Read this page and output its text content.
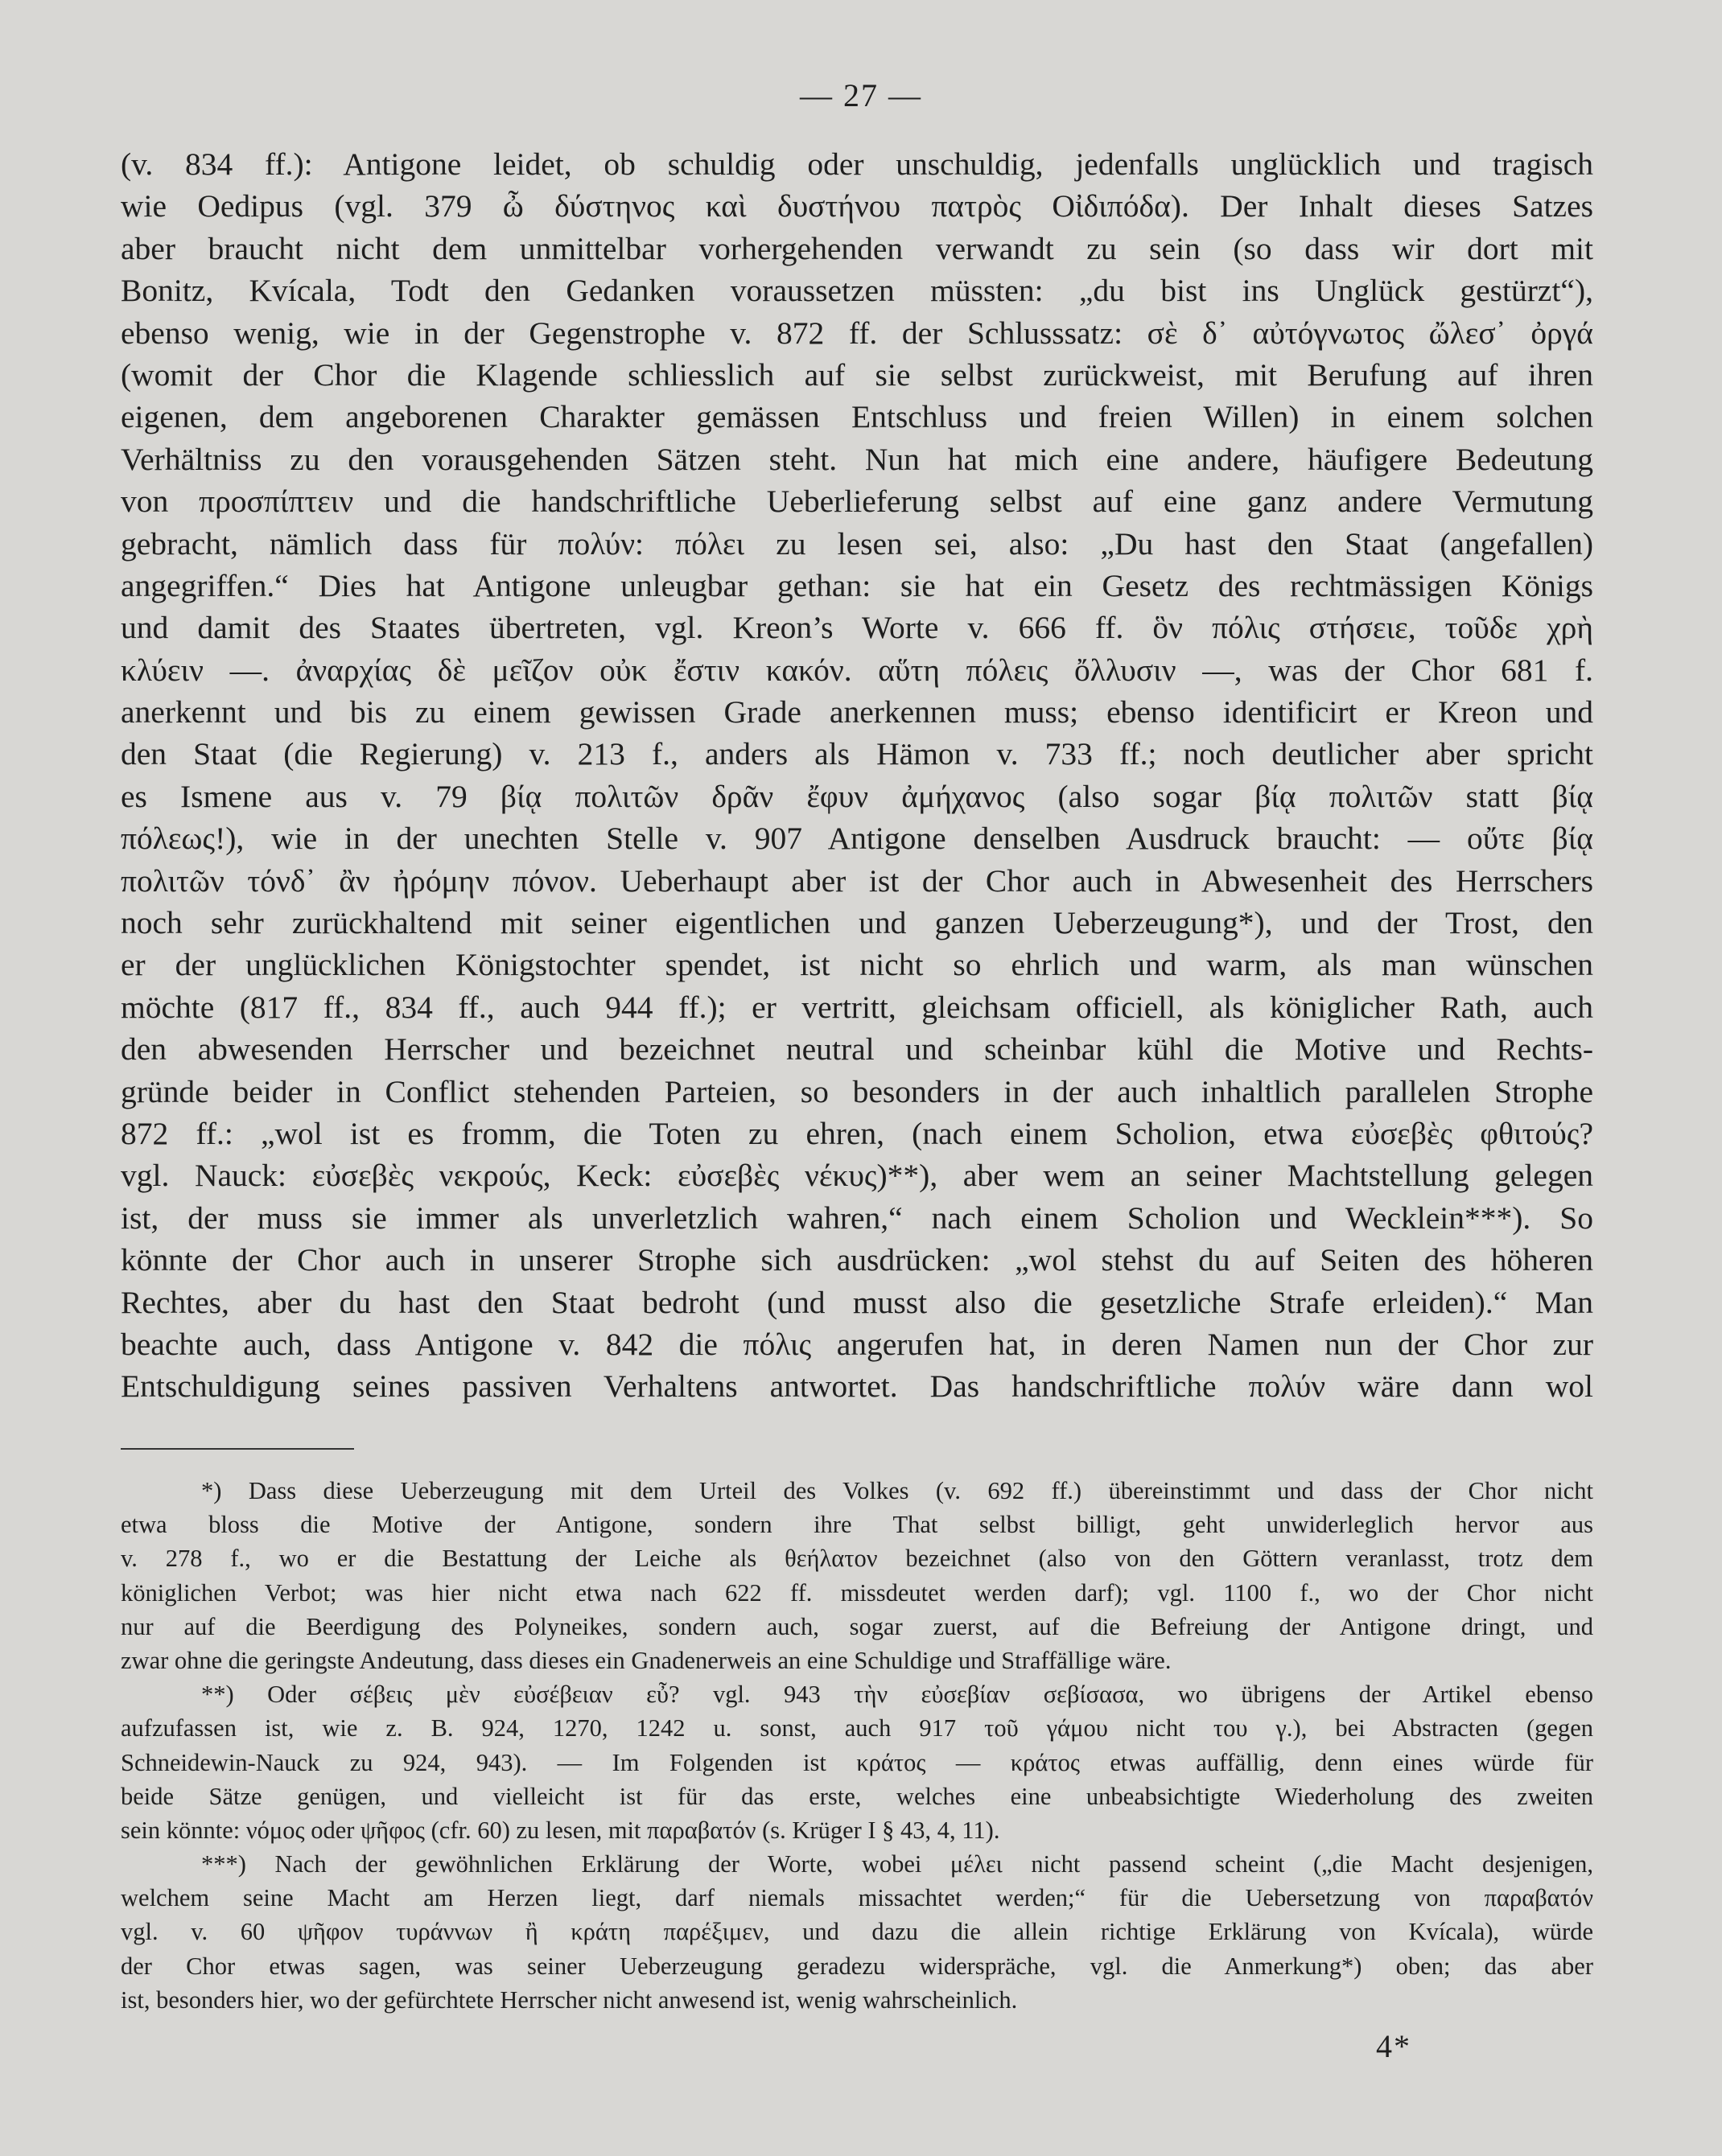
— 27 —
(v. 834 ff.): Antigone leidet, ob schuldig oder unschuldig, jedenfalls unglücklich und tragisch
wie Oedipus (vgl. 379 ὦ δύστηνος καὶ δυστήνου πατρὸς Οἰδιπόδα). Der Inhalt dieses Satzes
aber braucht nicht dem unmittelbar vorhergehenden verwandt zu sein (so dass wir dort mit
Bonitz, Kvícala, Todt den Gedanken voraussetzen müssten: „du bist ins Unglück gestürzt“),
ebenso wenig, wie in der Gegenstrophe v. 872 ff. der Schlusssatz: σὲ δ᾽ αὐτόγνωτος ὤλεσ᾽ ὀργά
(womit der Chor die Klagende schliesslich auf sie selbst zurückweist, mit Berufung auf ihren
eigenen, dem angeborenen Charakter gemässen Entschluss und freien Willen) in einem solchen
Verhältniss zu den vorausgehenden Sätzen steht. Nun hat mich eine andere, häufigere Bedeutung
von προσπίπτειν und die handschriftliche Ueberlieferung selbst auf eine ganz andere Vermutung
gebracht, nämlich dass für πολύν: πόλει zu lesen sei, also: „Du hast den Staat (angefallen)
angegriffen.“ Dies hat Antigone unleugbar gethan: sie hat ein Gesetz des rechtmässigen Königs
und damit des Staates übertreten, vgl. Kreon’s Worte v. 666 ff. ὃν πόλις στήσειε, τοῦδε χρὴ
κλύειν —. ἀναρχίας δὲ μεῖζον οὐκ ἔστιν κακόν. αὕτη πόλεις ὄλλυσιν —, was der Chor 681 f.
anerkennt und bis zu einem gewissen Grade anerkennen muss; ebenso identificirt er Kreon und
den Staat (die Regierung) v. 213 f., anders als Hämon v. 733 ff.; noch deutlicher aber spricht
es Ismene aus v. 79 βίᾳ πολιτῶν δρᾶν ἔφυν ἀμήχανος (also sogar βίᾳ πολιτῶν statt βίᾳ
πόλεως!), wie in der unechten Stelle v. 907 Antigone denselben Ausdruck braucht: — οὔτε βίᾳ
πολιτῶν τόνδ᾽ ἂν ἠρόμην πόνον. Ueberhaupt aber ist der Chor auch in Abwesenheit des Herrschers
noch sehr zurückhaltend mit seiner eigentlichen und ganzen Ueberzeugung*), und der Trost, den
er der unglücklichen Königstochter spendet, ist nicht so ehrlich und warm, als man wünschen
möchte (817 ff., 834 ff., auch 944 ff.); er vertritt, gleichsam officiell, als königlicher Rath, auch
den abwesenden Herrscher und bezeichnet neutral und scheinbar kühl die Motive und Rechts-
gründe beider in Conflict stehenden Parteien, so besonders in der auch inhaltlich parallelen Strophe
872 ff.: „wol ist es fromm, die Toten zu ehren, (nach einem Scholion, etwa εὐσεβὲς φθιτούς?
vgl. Nauck: εὐσεβὲς νεκρούς, Keck: εὐσεβὲς νέκυς)**), aber wem an seiner Machtstellung gelegen
ist, der muss sie immer als unverletzlich wahren,“ nach einem Scholion und Wecklein***). So
könnte der Chor auch in unserer Strophe sich ausdrücken: „wol stehst du auf Seiten des höheren
Rechtes, aber du hast den Staat bedroht (und musst also die gesetzliche Strafe erleiden).“ Man
beachte auch, dass Antigone v. 842 die πόλις angerufen hat, in deren Namen nun der Chor zur
Entschuldigung seines passiven Verhaltens antwortet. Das handschriftliche πολύν wäre dann wol
*) Dass diese Ueberzeugung mit dem Urteil des Volkes (v. 692 ff.) übereinstimmt und dass der Chor nicht
etwa bloss die Motive der Antigone, sondern ihre That selbst billigt, geht unwiderleglich hervor aus
v. 278 f., wo er die Bestattung der Leiche als θεήλατον bezeichnet (also von den Göttern veranlasst, trotz dem
königlichen Verbot; was hier nicht etwa nach 622 ff. missdeutet werden darf); vgl. 1100 f., wo der Chor nicht
nur auf die Beerdigung des Polyneikes, sondern auch, sogar zuerst, auf die Befreiung der Antigone dringt, und
zwar ohne die geringste Andeutung, dass dieses ein Gnadenerweis an eine Schuldige und Straffällige wäre.
**) Oder σέβεις μὲν εὐσέβειαν εὖ? vgl. 943 τὴν εὐσεβίαν σεβίσασα, wo übrigens der Artikel ebenso
aufzufassen ist, wie z. B. 924, 1270, 1242 u. sonst, auch 917 τοῦ γάμου nicht του γ.), bei Abstracten (gegen
Schneidewin-Nauck zu 924, 943). — Im Folgenden ist κράτος — κράτος etwas auffällig, denn eines würde für
beide Sätze genügen, und vielleicht ist für das erste, welches eine unbeabsichtigte Wiederholung des zweiten
sein könnte: νόμος oder ψῆφος (cfr. 60) zu lesen, mit παραβατόν (s. Krüger I § 43, 4, 11).
***) Nach der gewöhnlichen Erklärung der Worte, wobei μέλει nicht passend scheint („die Macht desjenigen,
welchem seine Macht am Herzen liegt, darf niemals missachtet werden;“ für die Uebersetzung von παραβατόν
vgl. v. 60 ψῆφον τυράννων ἢ κράτη παρέξιμεν, und dazu die allein richtige Erklärung von Kvícala), würde
der Chor etwas sagen, was seiner Ueberzeugung geradezu widerspräche, vgl. die Anmerkung*) oben; das aber
ist, besonders hier, wo der gefürchtete Herrscher nicht anwesend ist, wenig wahrscheinlich.
4*
